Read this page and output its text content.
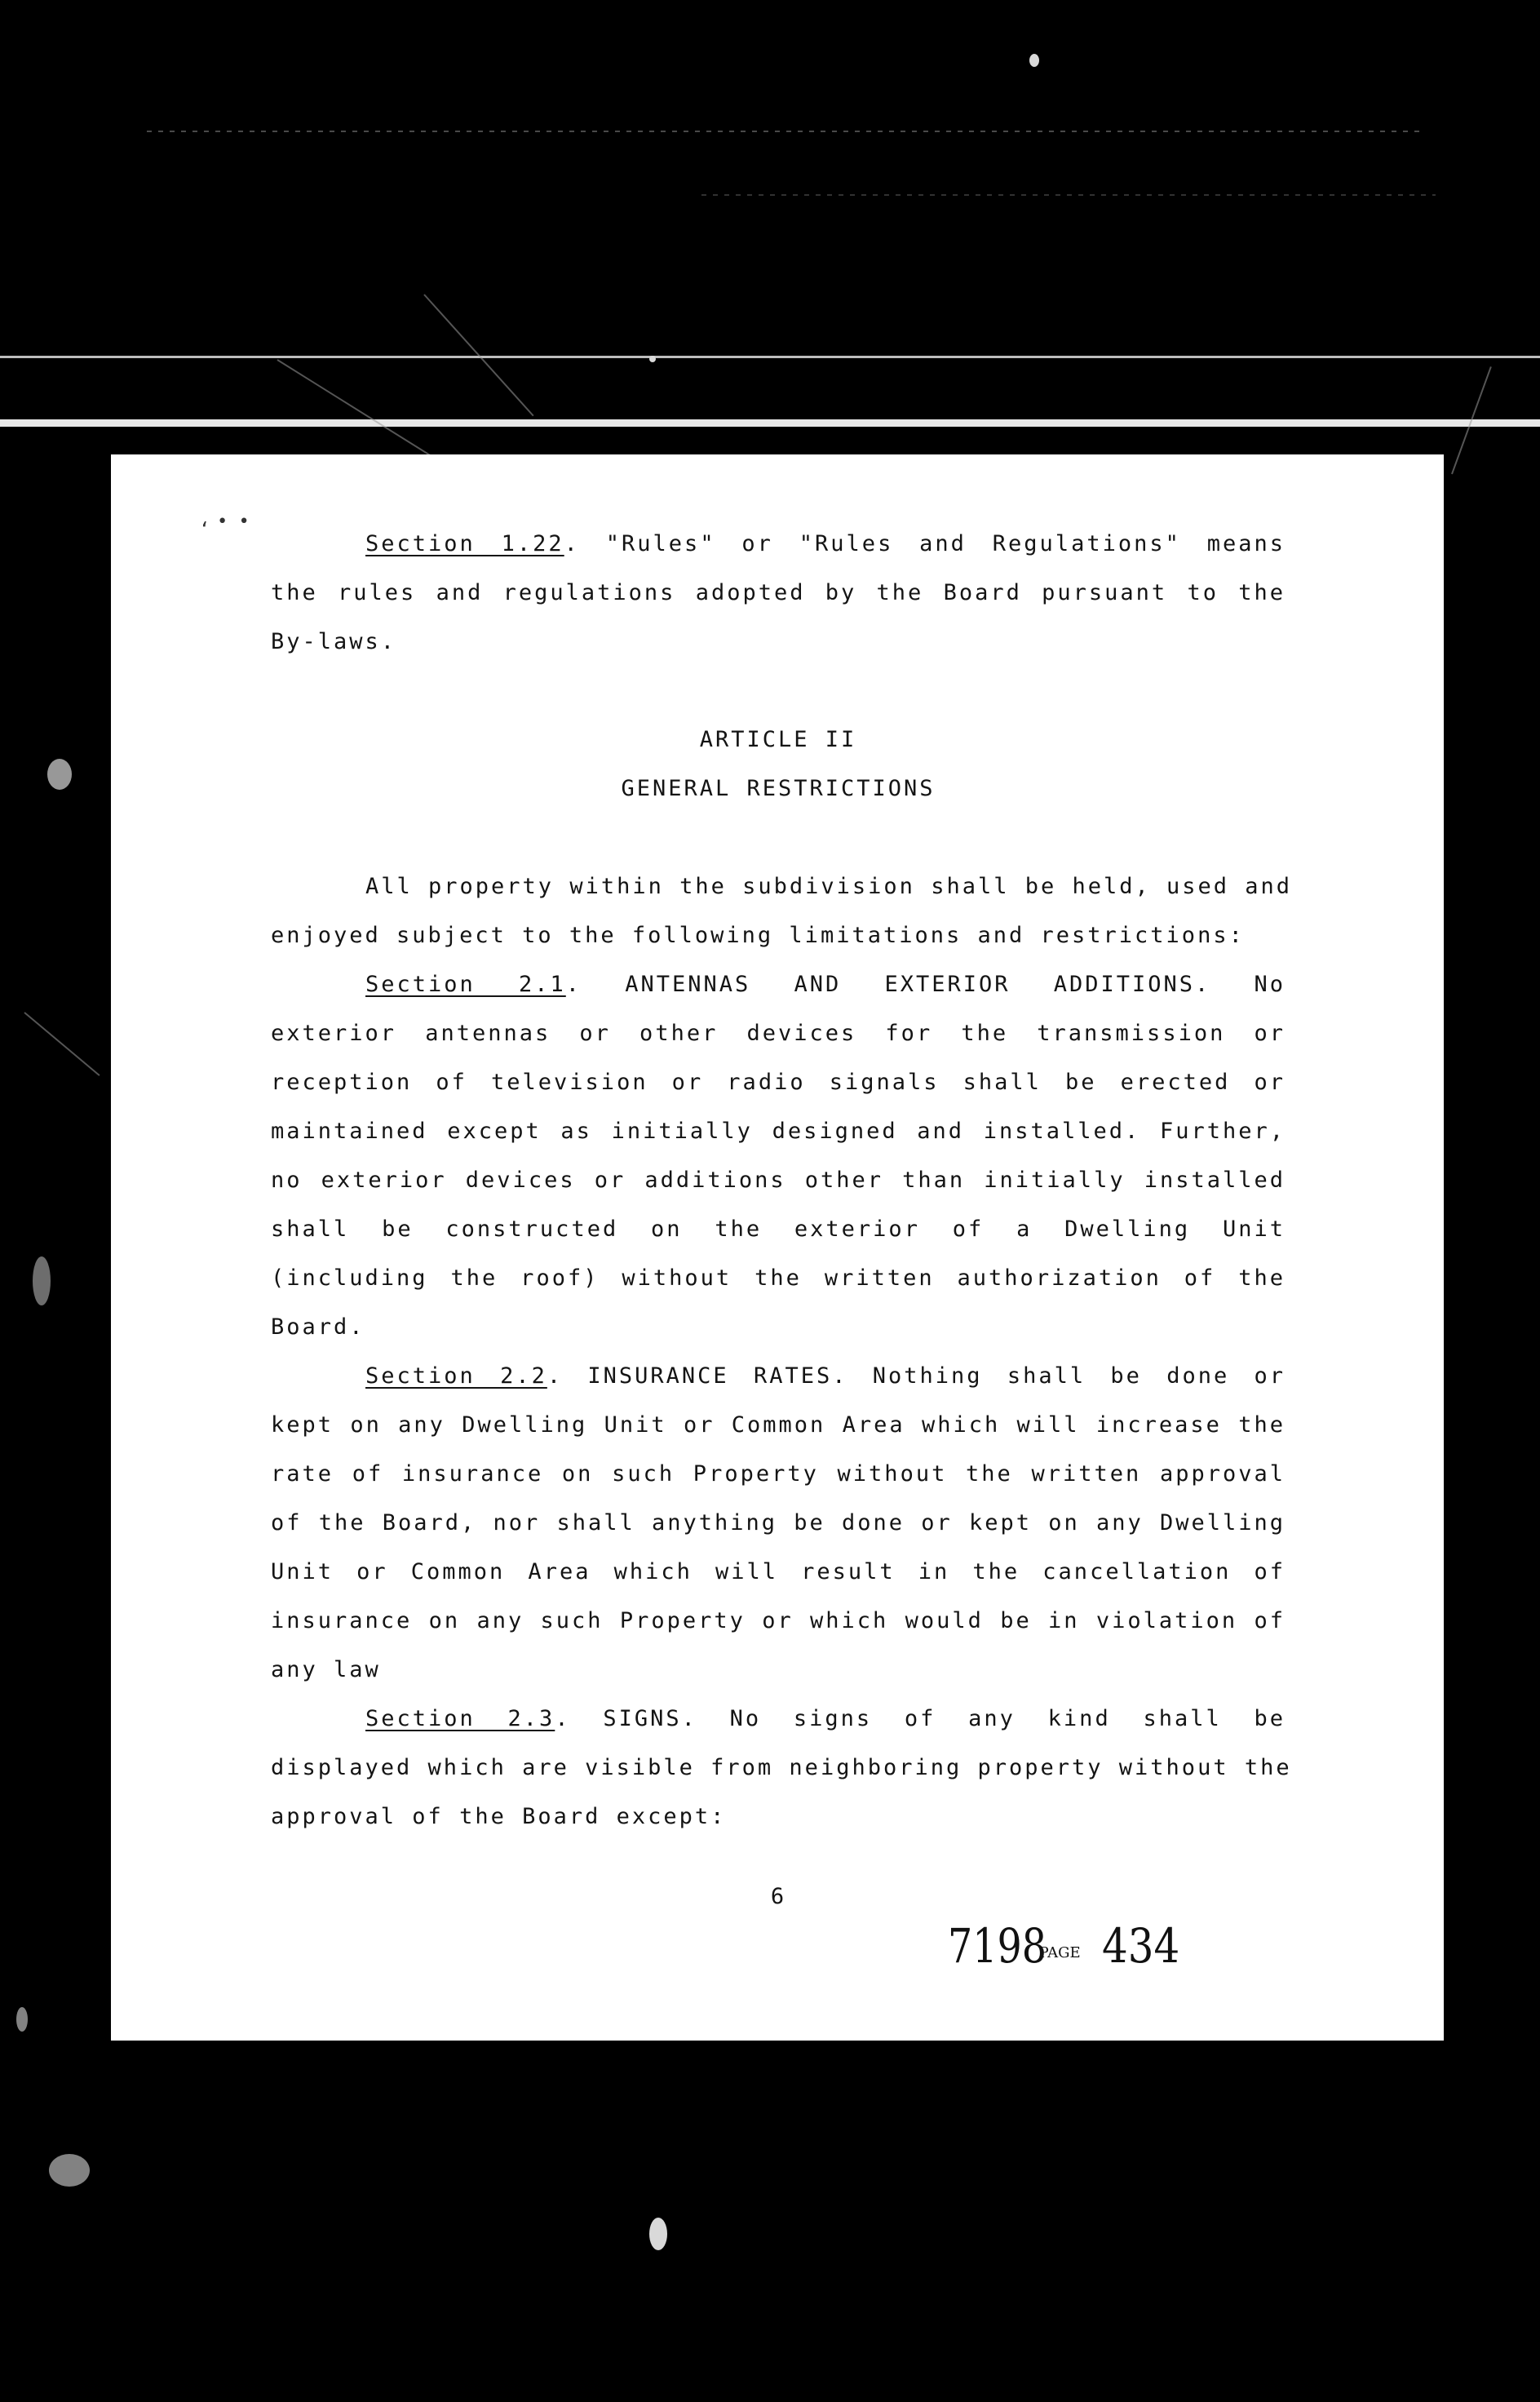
‘ • •
Section 1.22. "Rules" or "Rules and Regulations" means
the rules and regulations adopted by the Board pursuant to the
By-laws.
ARTICLE II
GENERAL RESTRICTIONS
All property within the subdivision shall be held, used and
enjoyed subject to the following limitations and restrictions:
Section 2.1. ANTENNAS AND EXTERIOR ADDITIONS. No
exterior antennas or other devices for the transmission or
reception of television or radio signals shall be erected or
maintained except as initially designed and installed. Further,
no exterior devices or additions other than initially installed
shall be constructed on the exterior of a Dwelling Unit
(including the roof) without the written authorization of the
Board.
Section 2.2. INSURANCE RATES. Nothing shall be done or
kept on any Dwelling Unit or Common Area which will increase the
rate of insurance on such Property without the written approval
of the Board, nor shall anything be done or kept on any Dwelling
Unit or Common Area which will result in the cancellation of
insurance on any such Property or which would be in violation of
any law
Section 2.3. SIGNS. No signs of any kind shall be
displayed which are visible from neighboring property without the
approval of the Board except:
6
7198PAGE 434
